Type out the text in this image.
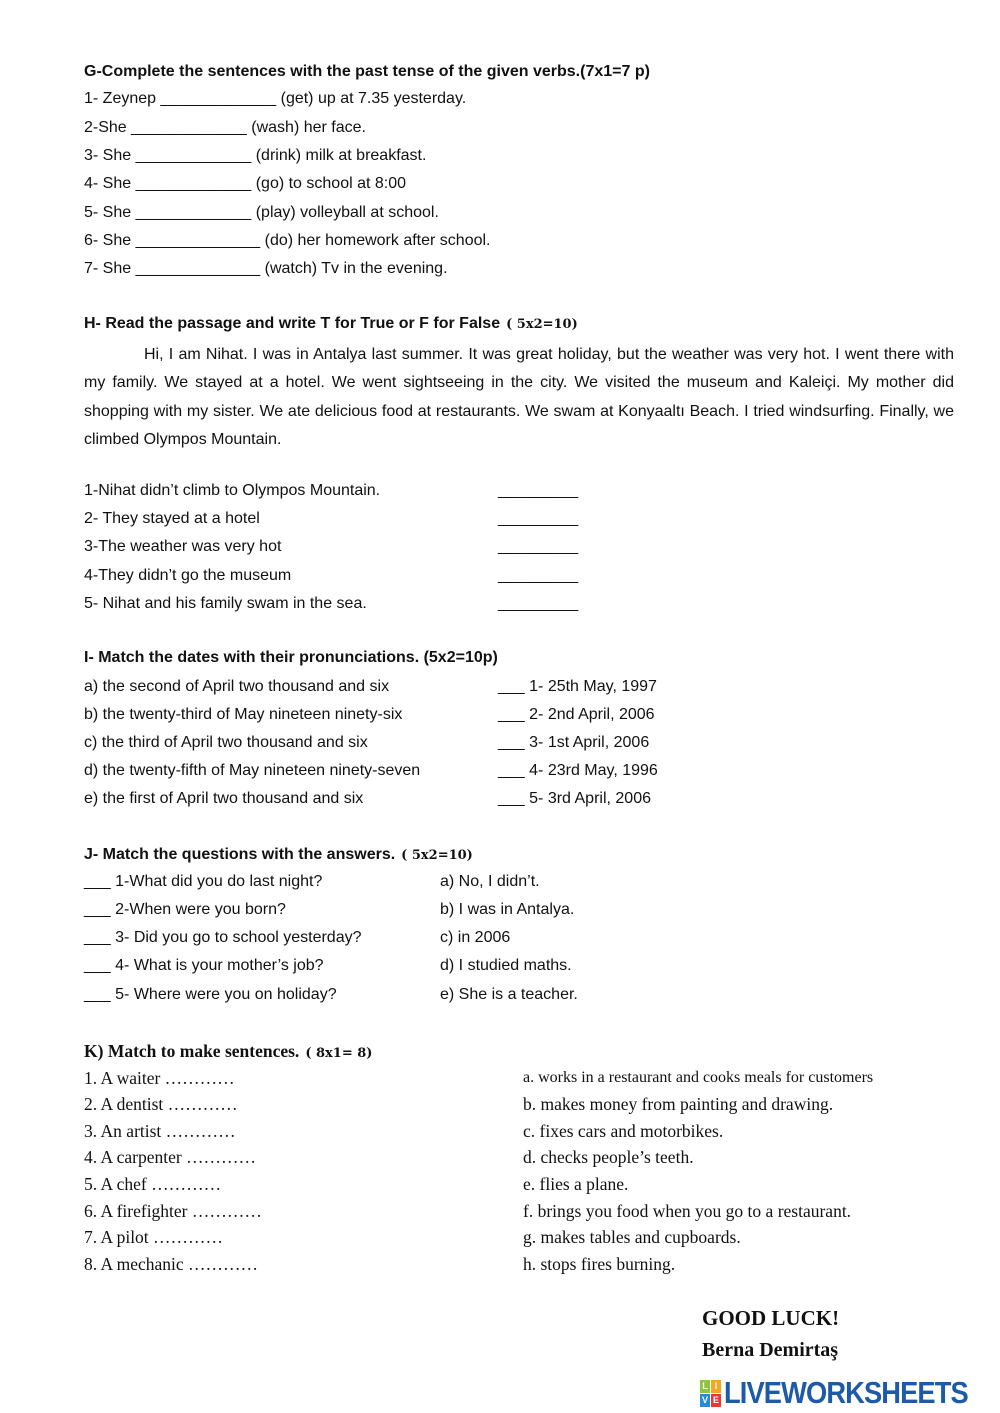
Hi, I am Nihat. I was in Antalya last summer. It was great holiday, but the weather was very hot. I went there with my family. We stayed at a hotel. We went sightseeing in the city. We visited the museum and Kaleiçi. My mother did shopping with my sister. We ate delicious food at restaurants. We swam at Konyaaltı Beach. I tried windsurfing. Finally, we climbed Olympos Mountain.
GOOD LUCK!
Berna Demirtaş
L I
V E LIVEWORKSHEETS
G-Complete the sentences with the past tense of the given verbs.(7x1=7 p)
1- Zeynep _____________ (get) up at 7.35 yesterday.
2-She _____________ (wash) her face.
3- She _____________ (drink) milk at breakfast.
4- She _____________ (go) to school at 8:00
5- She _____________ (play) volleyball at school.
6- She ______________ (do) her homework after school.
7- She ______________ (watch) Tv in the evening.
H- Read the passage and write T for True or F for False ( 5x2=10)
1-Nihat didn’t climb to Olympos Mountain.	_________
2- They stayed at a hotel	_________
3-The weather was very hot	_________
4-They didn’t go the museum	_________
5- Nihat and his family swam in the sea.	_________
I- Match the dates with their pronunciations. (5x2=10p)
a) the second of April two thousand and six	___ 1- 25th May, 1997
b) the twenty-third of May nineteen ninety-six	___ 2- 2nd April, 2006
c) the third of April two thousand and six	___ 3- 1st April, 2006
d) the twenty-fifth of May nineteen ninety-seven	___ 4- 23rd May, 1996
e) the first of April two thousand and six	___ 5- 3rd April, 2006
J- Match the questions with the answers. ( 5x2=10)
___ 1-What did you do last night?	a) No, I didn’t.
___ 2-When were you born?	b) I was in Antalya.
___ 3- Did you go to school yesterday?	c) in 2006
___ 4- What is your mother’s job?	d) I studied maths.
___ 5- Where were you on holiday?	e) She is a teacher.
K) Match to make sentences. ( 8x1= 8)
1. A waiter …………	a. works in a restaurant and cooks meals for customers
2. A dentist …………	b. makes money from painting and drawing.
3. An artist …………	c. fixes cars and motorbikes.
4. A carpenter …………	d. checks people’s teeth.
5. A chef …………	e. flies a plane.
6. A firefighter …………	f. brings you food when you go to a restaurant.
7. A pilot …………	g. makes tables and cupboards.
8. A mechanic …………	h. stops fires burning.
